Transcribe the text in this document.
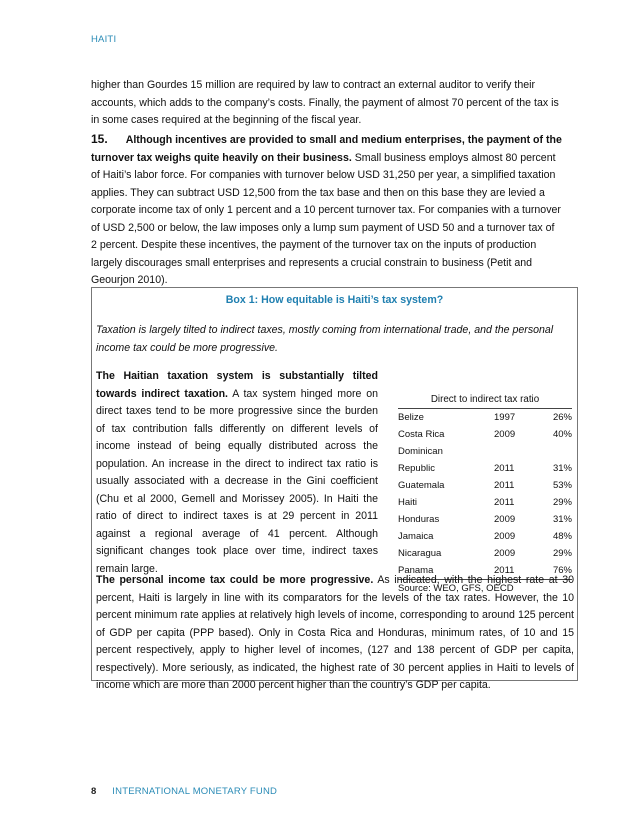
HAITI

higher than Gourdes 15 million are required by law to contract an external auditor to verify their accounts, which adds to the company’s costs. Finally, the payment of almost 70 percent of the tax is in some cases required at the beginning of the fiscal year.

15. Although incentives are provided to small and medium enterprises, the payment of the turnover tax weighs quite heavily on their business. Small business employs almost 80 percent of Haiti’s labor force. For companies with turnover below USD 31,250 per year, a simplified taxation applies. They can subtract USD 12,500 from the tax base and then on this base they are levied a corporate income tax of only 1 percent and a 10 percent turnover tax. For companies with a turnover of USD 2,500 or below, the law imposes only a lump sum payment of USD 50 and a turnover tax of 2 percent. Despite these incentives, the payment of the turnover tax on the inputs of production largely discourages small enterprises and represents a crucial constrain to business (Petit and Geourjon 2010).

Box 1: How equitable is Haiti’s tax system?

Taxation is largely tilted to indirect taxes, mostly coming from international trade, and the personal income tax could be more progressive.

The Haitian taxation system is substantially tilted towards indirect taxation. A tax system hinged more on direct taxes tend to be more progressive since the burden of tax contribution falls differently on different levels of income instead of being equally distributed across the population. An increase in the direct to indirect tax ratio is usually associated with a decrease in the Gini coefficient (Chu et al 2000, Gemell and Morissey 2005). In Haiti the ratio of direct to indirect taxes is at 29 percent in 2011 against a regional average of 41 percent. Although significant changes took place over time, indirect taxes remain large.

Direct to indirect tax ratio
Belize	1997	26%
Costa Rica	2009	40%
Dominican
Republic	2011	31%
Guatemala	2011	53%
Haiti	2011	29%
Honduras	2009	31%
Jamaica	2009	48%
Nicaragua	2009	29%
Panama	2011	76%
Source: WEO, GFS, OECD

The personal income tax could be more progressive. As indicated, with the highest rate at 30 percent, Haiti is largely in line with its comparators for the levels of the tax rates. However, the 10 percent minimum rate applies at relatively high levels of income, corresponding to around 125 percent of GDP per capita (PPP based). Only in Costa Rica and Honduras, minimum rates, of 10 and 15 percent respectively, apply to higher level of incomes, (127 and 138 percent of GDP per capita, respectively). More seriously, as indicated, the highest rate of 30 percent applies in Haiti to levels of income which are more than 2000 percent higher than the country’s GDP per capita.

8 INTERNATIONAL MONETARY FUND
